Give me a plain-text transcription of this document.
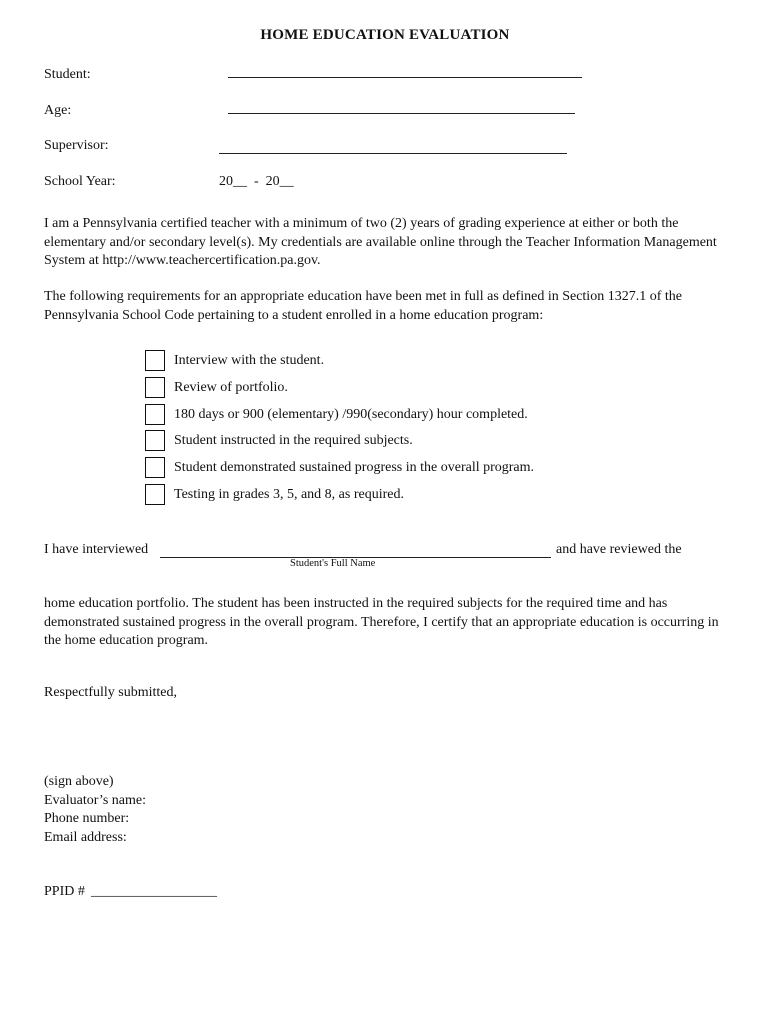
HOME EDUCATION EVALUATION
Student:
Age:
Supervisor:
School Year:	20__  -  20__
I am a Pennsylvania certified teacher with a minimum of two (2) years of grading experience at either or both the elementary and/or secondary level(s). My credentials are available online through the Teacher Information Management System at http://www.teachercertification.pa.gov.
The following requirements for an appropriate education have been met in full as defined in Section 1327.1 of the Pennsylvania School Code pertaining to a student enrolled in a home education program:
Interview with the student.
Review of portfolio.
180 days or 900 (elementary) /990(secondary) hour completed.
Student instructed in the required subjects.
Student demonstrated sustained progress in the overall program.
Testing in grades 3, 5, and 8, as required.
I have interviewed	and have reviewed the
Student's Full Name
home education portfolio. The student has been instructed in the required subjects for the required time and has demonstrated sustained progress in the overall program. Therefore, I certify that an appropriate education is occurring in the home education program.
Respectfully submitted,
(sign above)
Evaluator’s name:
Phone number:
Email address:
PPID # __________________
